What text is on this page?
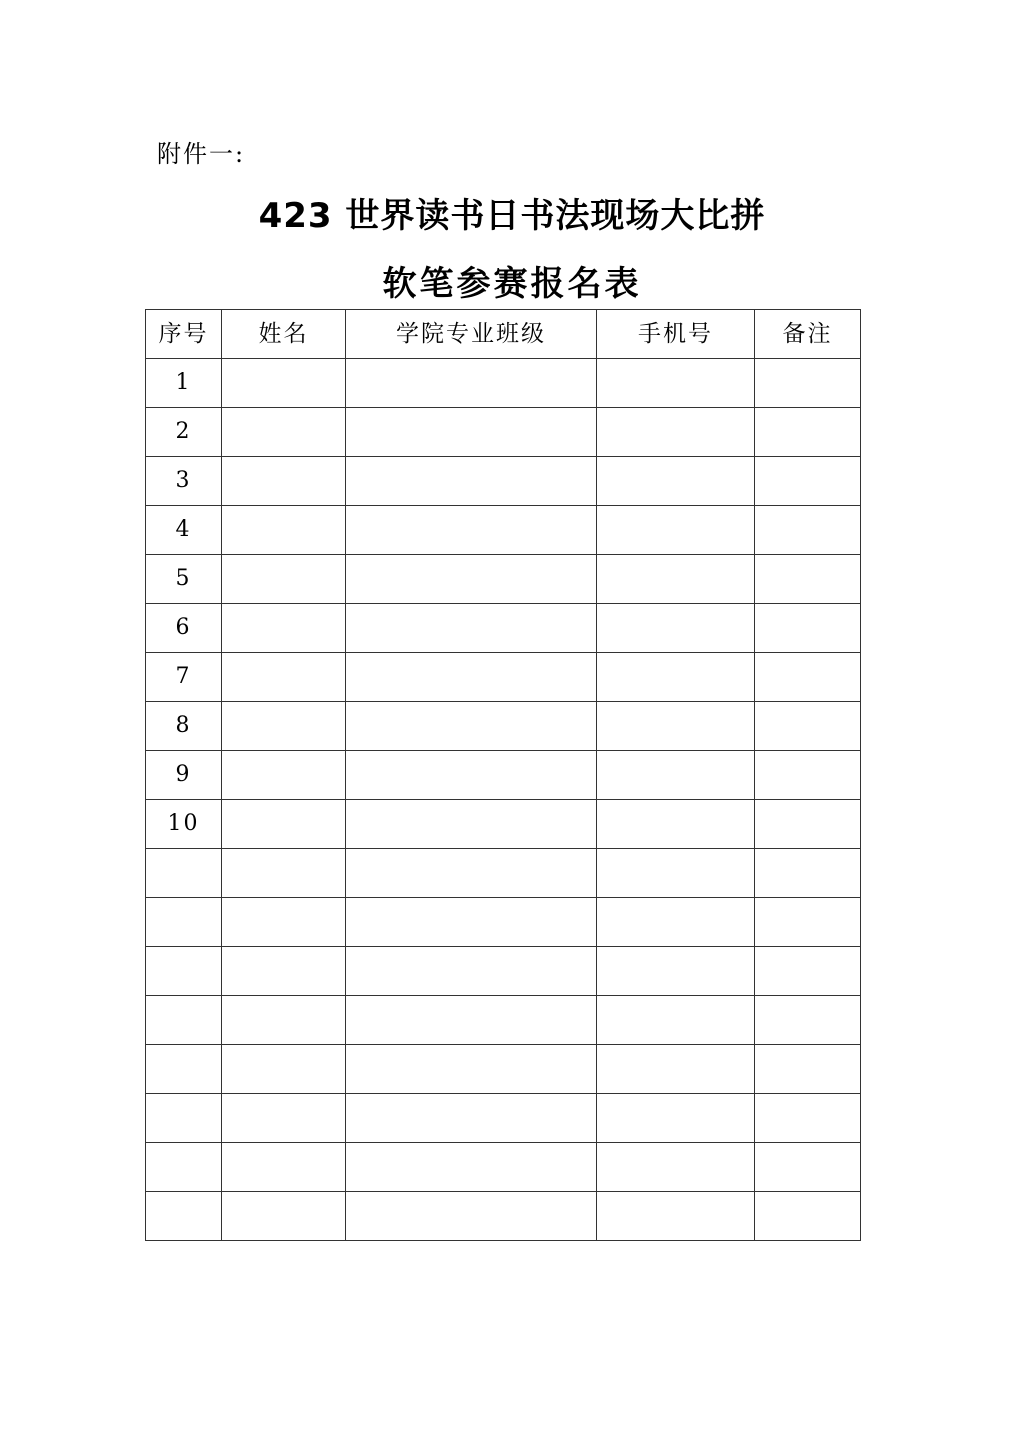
附件一:

423 世界读书日书法现场大比拼
软笔参赛报名表
序号	姓名	学院专业班级	手机号	备注
1				
2				
3				
4				
5				
6				
7				
8				
9				
10				
